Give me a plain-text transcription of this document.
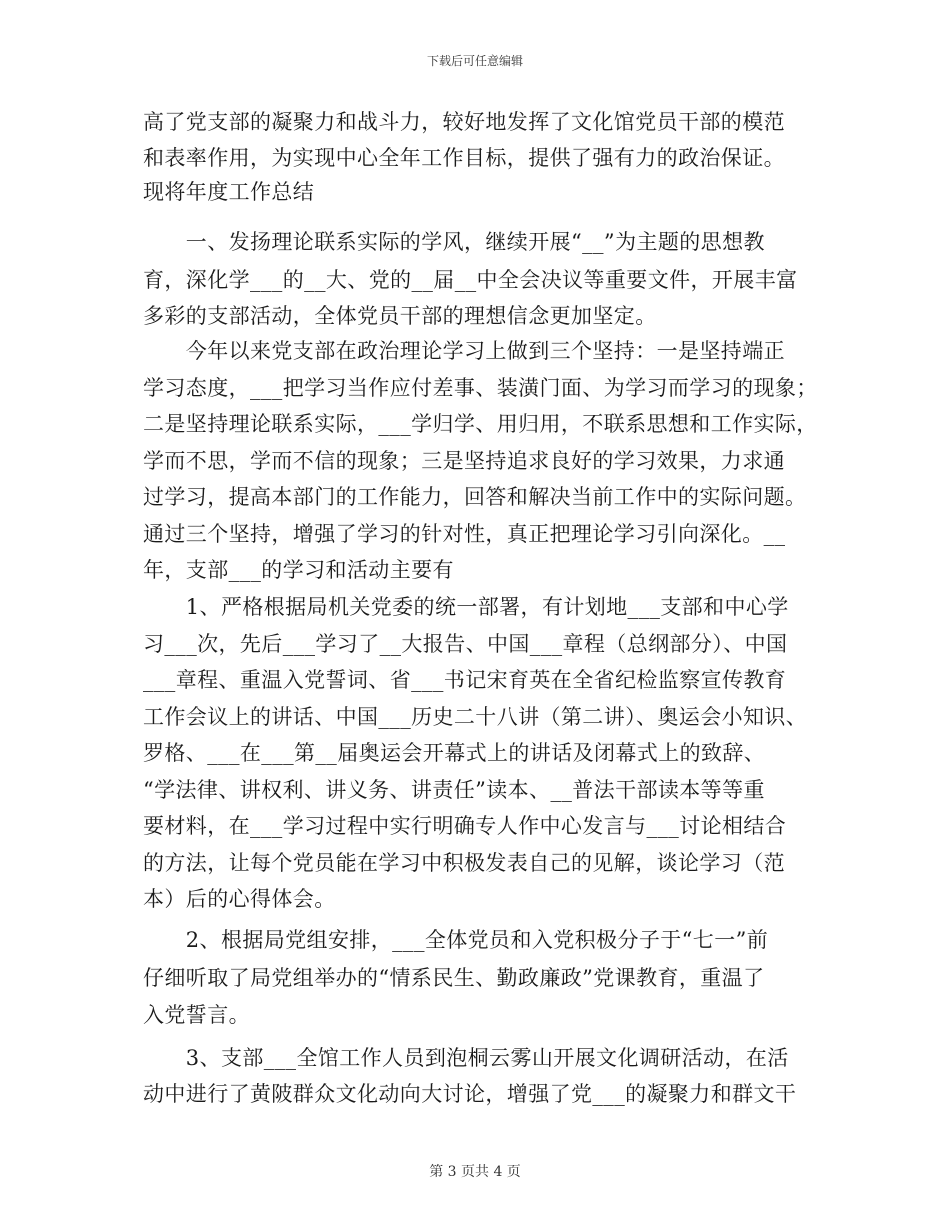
下载后可任意编辑
高了党支部的凝聚力和战斗力，较好地发挥了文化馆党员干部的模范
和表率作用，为实现中心全年工作目标，提供了强有力的政治保证。
现将年度工作总结
　　一、发扬理论联系实际的学风，继续开展“__”为主题的思想教
育，深化学___的__大、党的__届__中全会决议等重要文件，开展丰富
多彩的支部活动，全体党员干部的理想信念更加坚定。
　　今年以来党支部在政治理论学习上做到三个坚持：一是坚持端正
学习态度，___把学习当作应付差事、装潢门面、为学习而学习的现象；
二是坚持理论联系实际，___学归学、用归用，不联系思想和工作实际，
学而不思，学而不信的现象；三是坚持追求良好的学习效果，力求通
过学习，提高本部门的工作能力，回答和解决当前工作中的实际问题。
通过三个坚持，增强了学习的针对性，真正把理论学习引向深化。__
年，支部___的学习和活动主要有
　　1、严格根据局机关党委的统一部署，有计划地___支部和中心学
习___次，先后___学习了__大报告、中国___章程（总纲部分）、中国
___章程、重温入党誓词、省___书记宋育英在全省纪检监察宣传教育
工作会议上的讲话、中国___历史二十八讲（第二讲）、奥运会小知识、
罗格、___在___第__届奥运会开幕式上的讲话及闭幕式上的致辞、
“学法律、讲权利、讲义务、讲责任”读本、__普法干部读本等等重
要材料，在___学习过程中实行明确专人作中心发言与___讨论相结合
的方法，让每个党员能在学习中积极发表自己的见解，谈论学习（范
本）后的心得体会。
　　2、根据局党组安排，___全体党员和入党积极分子于“七一”前
仔细听取了局党组举办的“情系民生、勤政廉政”党课教育，重温了
入党誓言。
　　3、支部___全馆工作人员到泡桐云雾山开展文化调研活动，在活
动中进行了黄陂群众文化动向大讨论，增强了党___的凝聚力和群文干
第 3 页共 4 页
